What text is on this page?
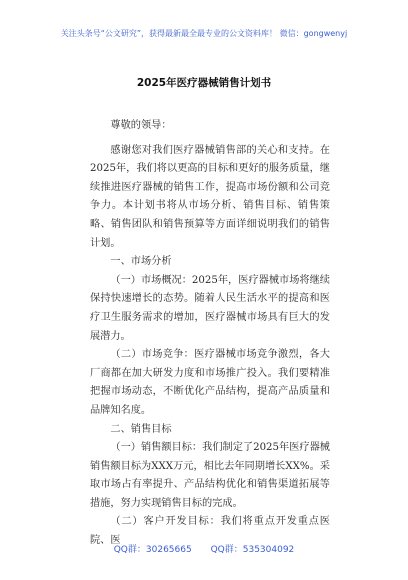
关注头条号“公文研究”，获得最新最全最专业的公文资料库！ 微信：gongwenyj
2025年医疗器械销售计划书

尊敬的领导：

感谢您对我们医疗器械销售部的关心和支持。在2025年，我们将以更高的目标和更好的服务质量，继续推进医疗器械的销售工作，提高市场份额和公司竞争力。本计划书将从市场分析、销售目标、销售策略、销售团队和销售预算等方面详细说明我们的销售计划。

一、市场分析

（一）市场概况：2025年，医疗器械市场将继续保持快速增长的态势。随着人民生活水平的提高和医疗卫生服务需求的增加，医疗器械市场具有巨大的发展潜力。

（二）市场竞争：医疗器械市场竞争激烈，各大厂商都在加大研发力度和市场推广投入。我们要精准把握市场动态，不断优化产品结构，提高产品质量和品牌知名度。

二、销售目标

（一）销售额目标：我们制定了2025年医疗器械销售额目标为XXX万元，相比去年同期增长XX%。采取市场占有率提升、产品结构优化和销售渠道拓展等措施，努力实现销售目标的完成。

（二）客户开发目标：我们将重点开发重点医院、医

QQ群：30265665 QQ群：535304092
